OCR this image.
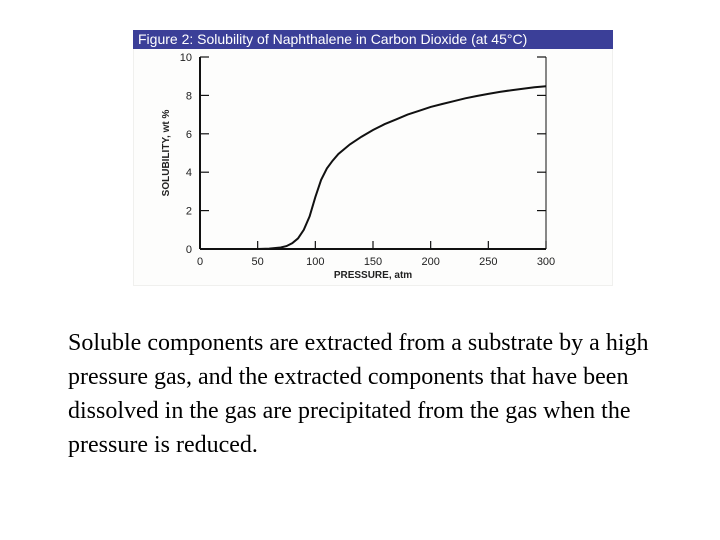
Figure 2: Solubility of Naphthalene in Carbon Dioxide (at 45°C)
0
2
4
6
8
10
0	50	100	150	200	250	300
SOLUBILITY, wt %
PRESSURE, atm
Soluble components are extracted from a substrate by a high pressure gas, and the extracted components that have been dissolved in the gas are precipitated from the gas when the pressure is reduced.
